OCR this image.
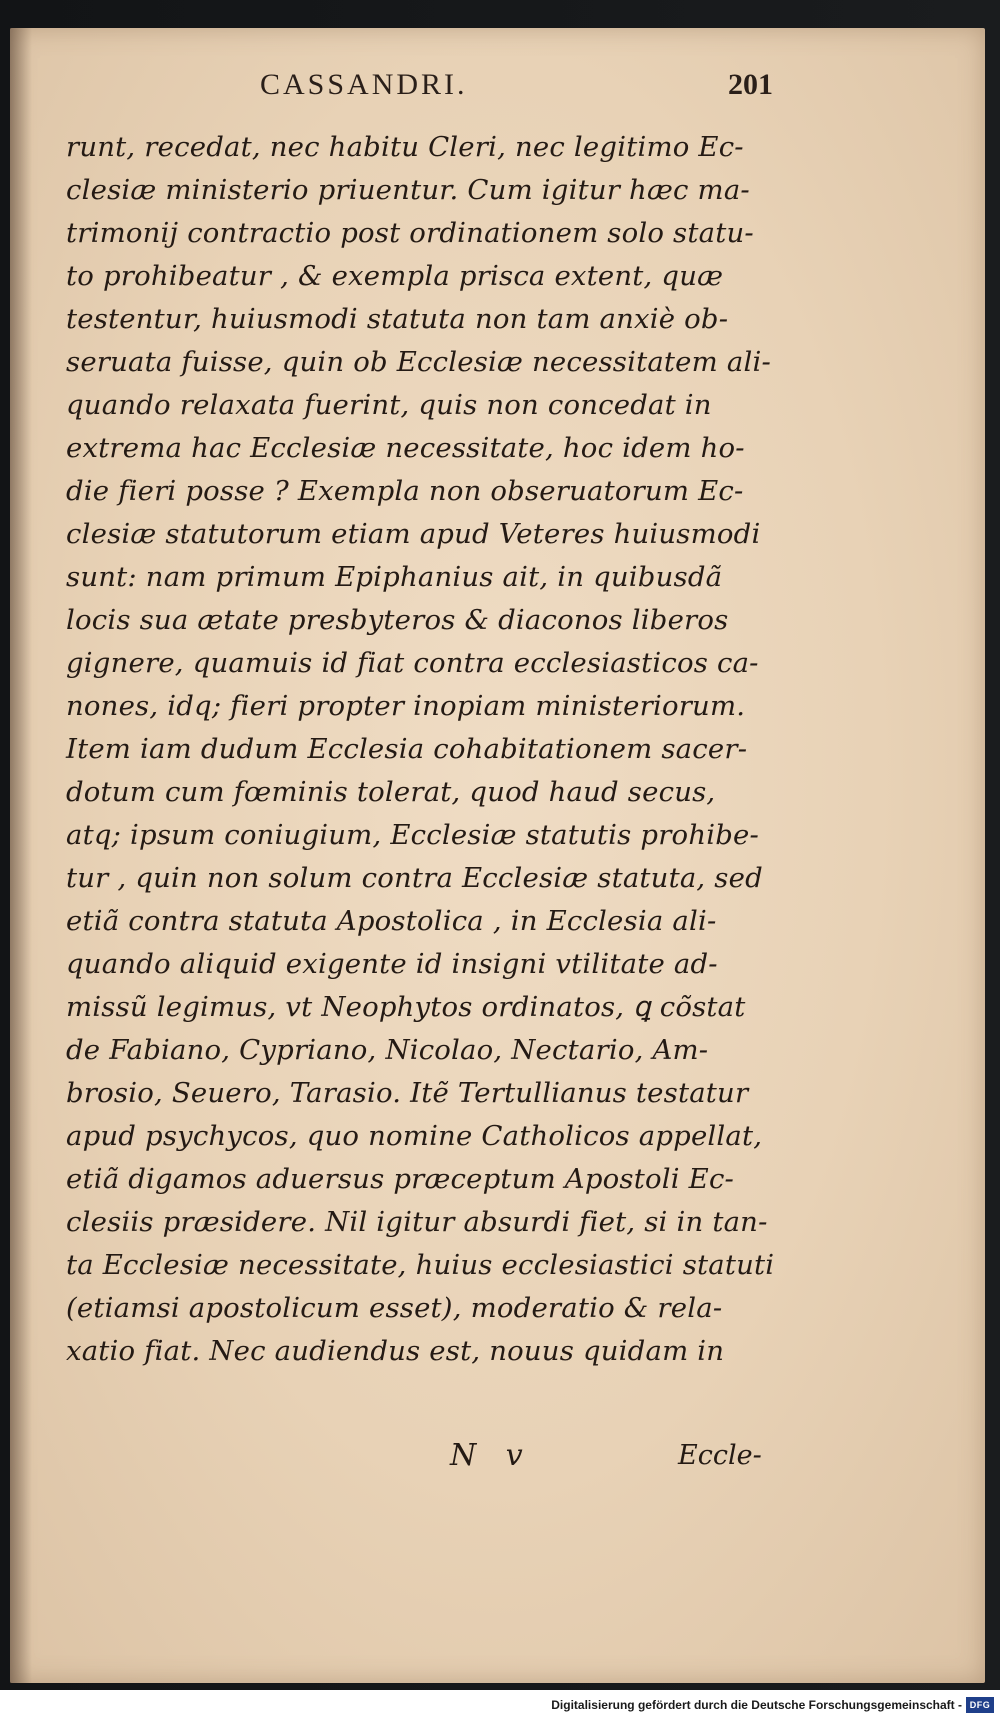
CASSANDRI.	201
runt, recedat, nec habitu Cleri, nec legitimo Ec-
clesiæ ministerio priuentur. Cum igitur hæc ma-
trimonij contractio post ordinationem solo statu-
to prohibeatur , & exempla prisca extent, quæ
testentur, huiusmodi statuta non tam anxiè ob-
seruata fuisse, quin ob Ecclesiæ necessitatem ali-
quando relaxata fuerint, quis non concedat in
extrema hac Ecclesiæ necessitate, hoc idem ho-
die fieri posse ? Exempla non obseruatorum Ec-
clesiæ statutorum etiam apud Veteres huiusmodi
sunt: nam primum Epiphanius ait, in quibusdã
locis sua ætate presbyteros & diaconos liberos
gignere, quamuis id fiat contra ecclesiasticos ca-
nones, idq; fieri propter inopiam ministeriorum.
Item iam dudum Ecclesia cohabitationem sacer-
dotum cum fœminis tolerat, quod haud secus,
atq; ipsum coniugium, Ecclesiæ statutis prohibe-
tur , quin non solum contra Ecclesiæ statuta, sed
etiã contra statuta Apostolica , in Ecclesia ali-
quando aliquid exigente id insigni vtilitate ad-
missũ legimus, vt Neophytos ordinatos, ꝗ cõstat
de Fabiano, Cypriano, Nicolao, Nectario, Am-
brosio, Seuero, Tarasio. Itẽ Tertullianus testatur
apud psychycos, quo nomine Catholicos appellat,
etiã digamos aduersus præceptum Apostoli Ec-
clesiis præsidere. Nil igitur absurdi fiet, si in tan-
ta Ecclesiæ necessitate, huius ecclesiastici statuti
(etiamsi apostolicum esset), moderatio & rela-
xatio fiat. Nec audiendus est, nouus quidam in
N v	Eccle-
Digitalisierung gefördert durch die Deutsche Forschungsgemeinschaft - DFG
